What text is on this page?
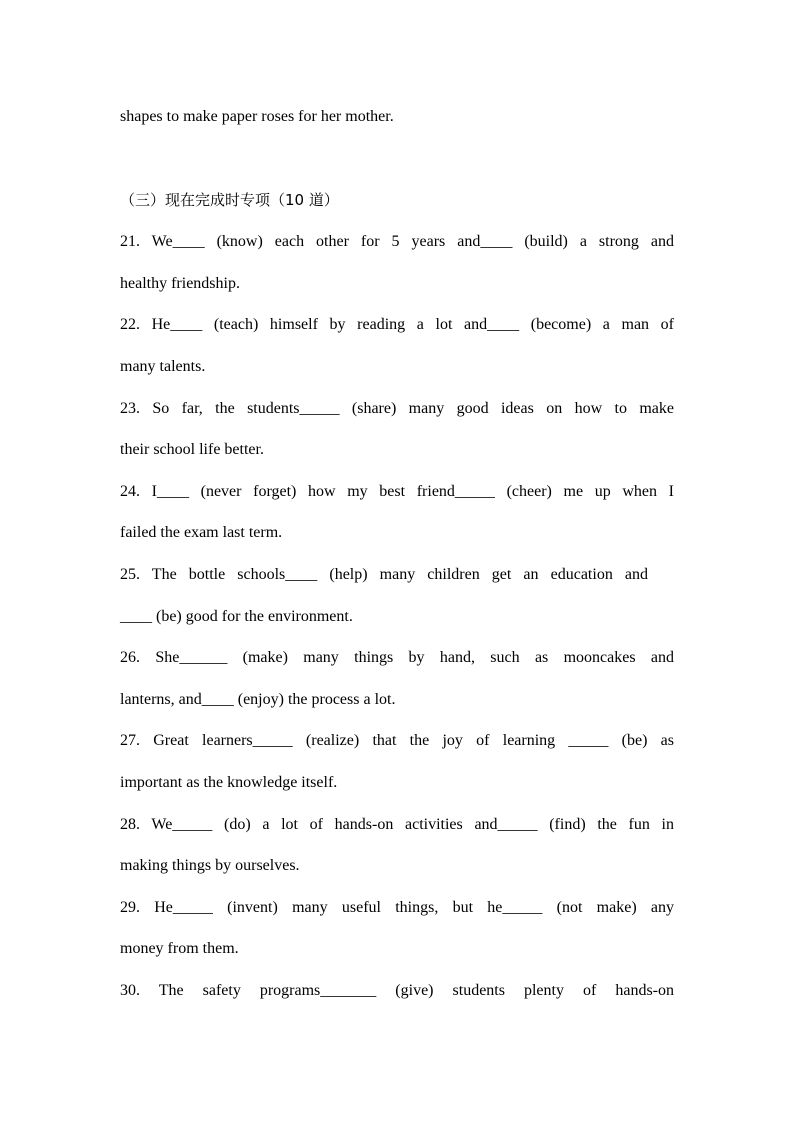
shapes to make paper roses for her mother.
（三）现在完成时专项（10 道）
21. We____ (know) each other for 5 years and____ (build) a strong and
healthy friendship.
22. He____ (teach) himself by reading a lot and____ (become) a man of
many talents.
23. So far, the students_____ (share) many good ideas on how to make
their school life better.
24. I____ (never forget) how my best friend_____ (cheer) me up when I
failed the exam last term.
25. The bottle schools____ (help) many children get an education and
____ (be) good for the environment.
26. She______ (make) many things by hand, such as mooncakes and
lanterns, and____ (enjoy) the process a lot.
27. Great learners_____ (realize) that the joy of learning _____ (be) as
important as the knowledge itself.
28. We_____ (do) a lot of hands-on activities and_____ (find) the fun in
making things by ourselves.
29. He_____ (invent) many useful things, but he_____ (not make) any
money from them.
30. The safety programs_______ (give) students plenty of hands-on
